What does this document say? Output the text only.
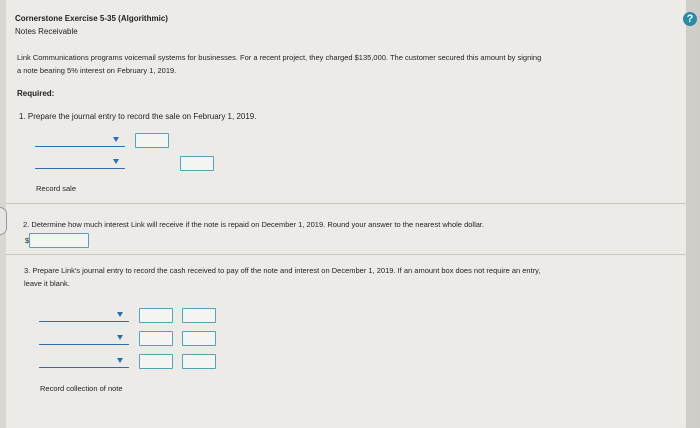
?
Cornerstone Exercise 5-35 (Algorithmic)
Notes Receivable
Link Communications programs voicemail systems for businesses. For a recent project, they charged $135,000. The customer secured this amount by signing
a note bearing 5% interest on February 1, 2019.
Required:
1. Prepare the journal entry to record the sale on February 1, 2019.
Record sale
2. Determine how much interest Link will receive if the note is repaid on December 1, 2019. Round your answer to the nearest whole dollar.
$
3. Prepare Link's journal entry to record the cash received to pay off the note and interest on December 1, 2019. If an amount box does not require an entry,
leave it blank.
Record collection of note
